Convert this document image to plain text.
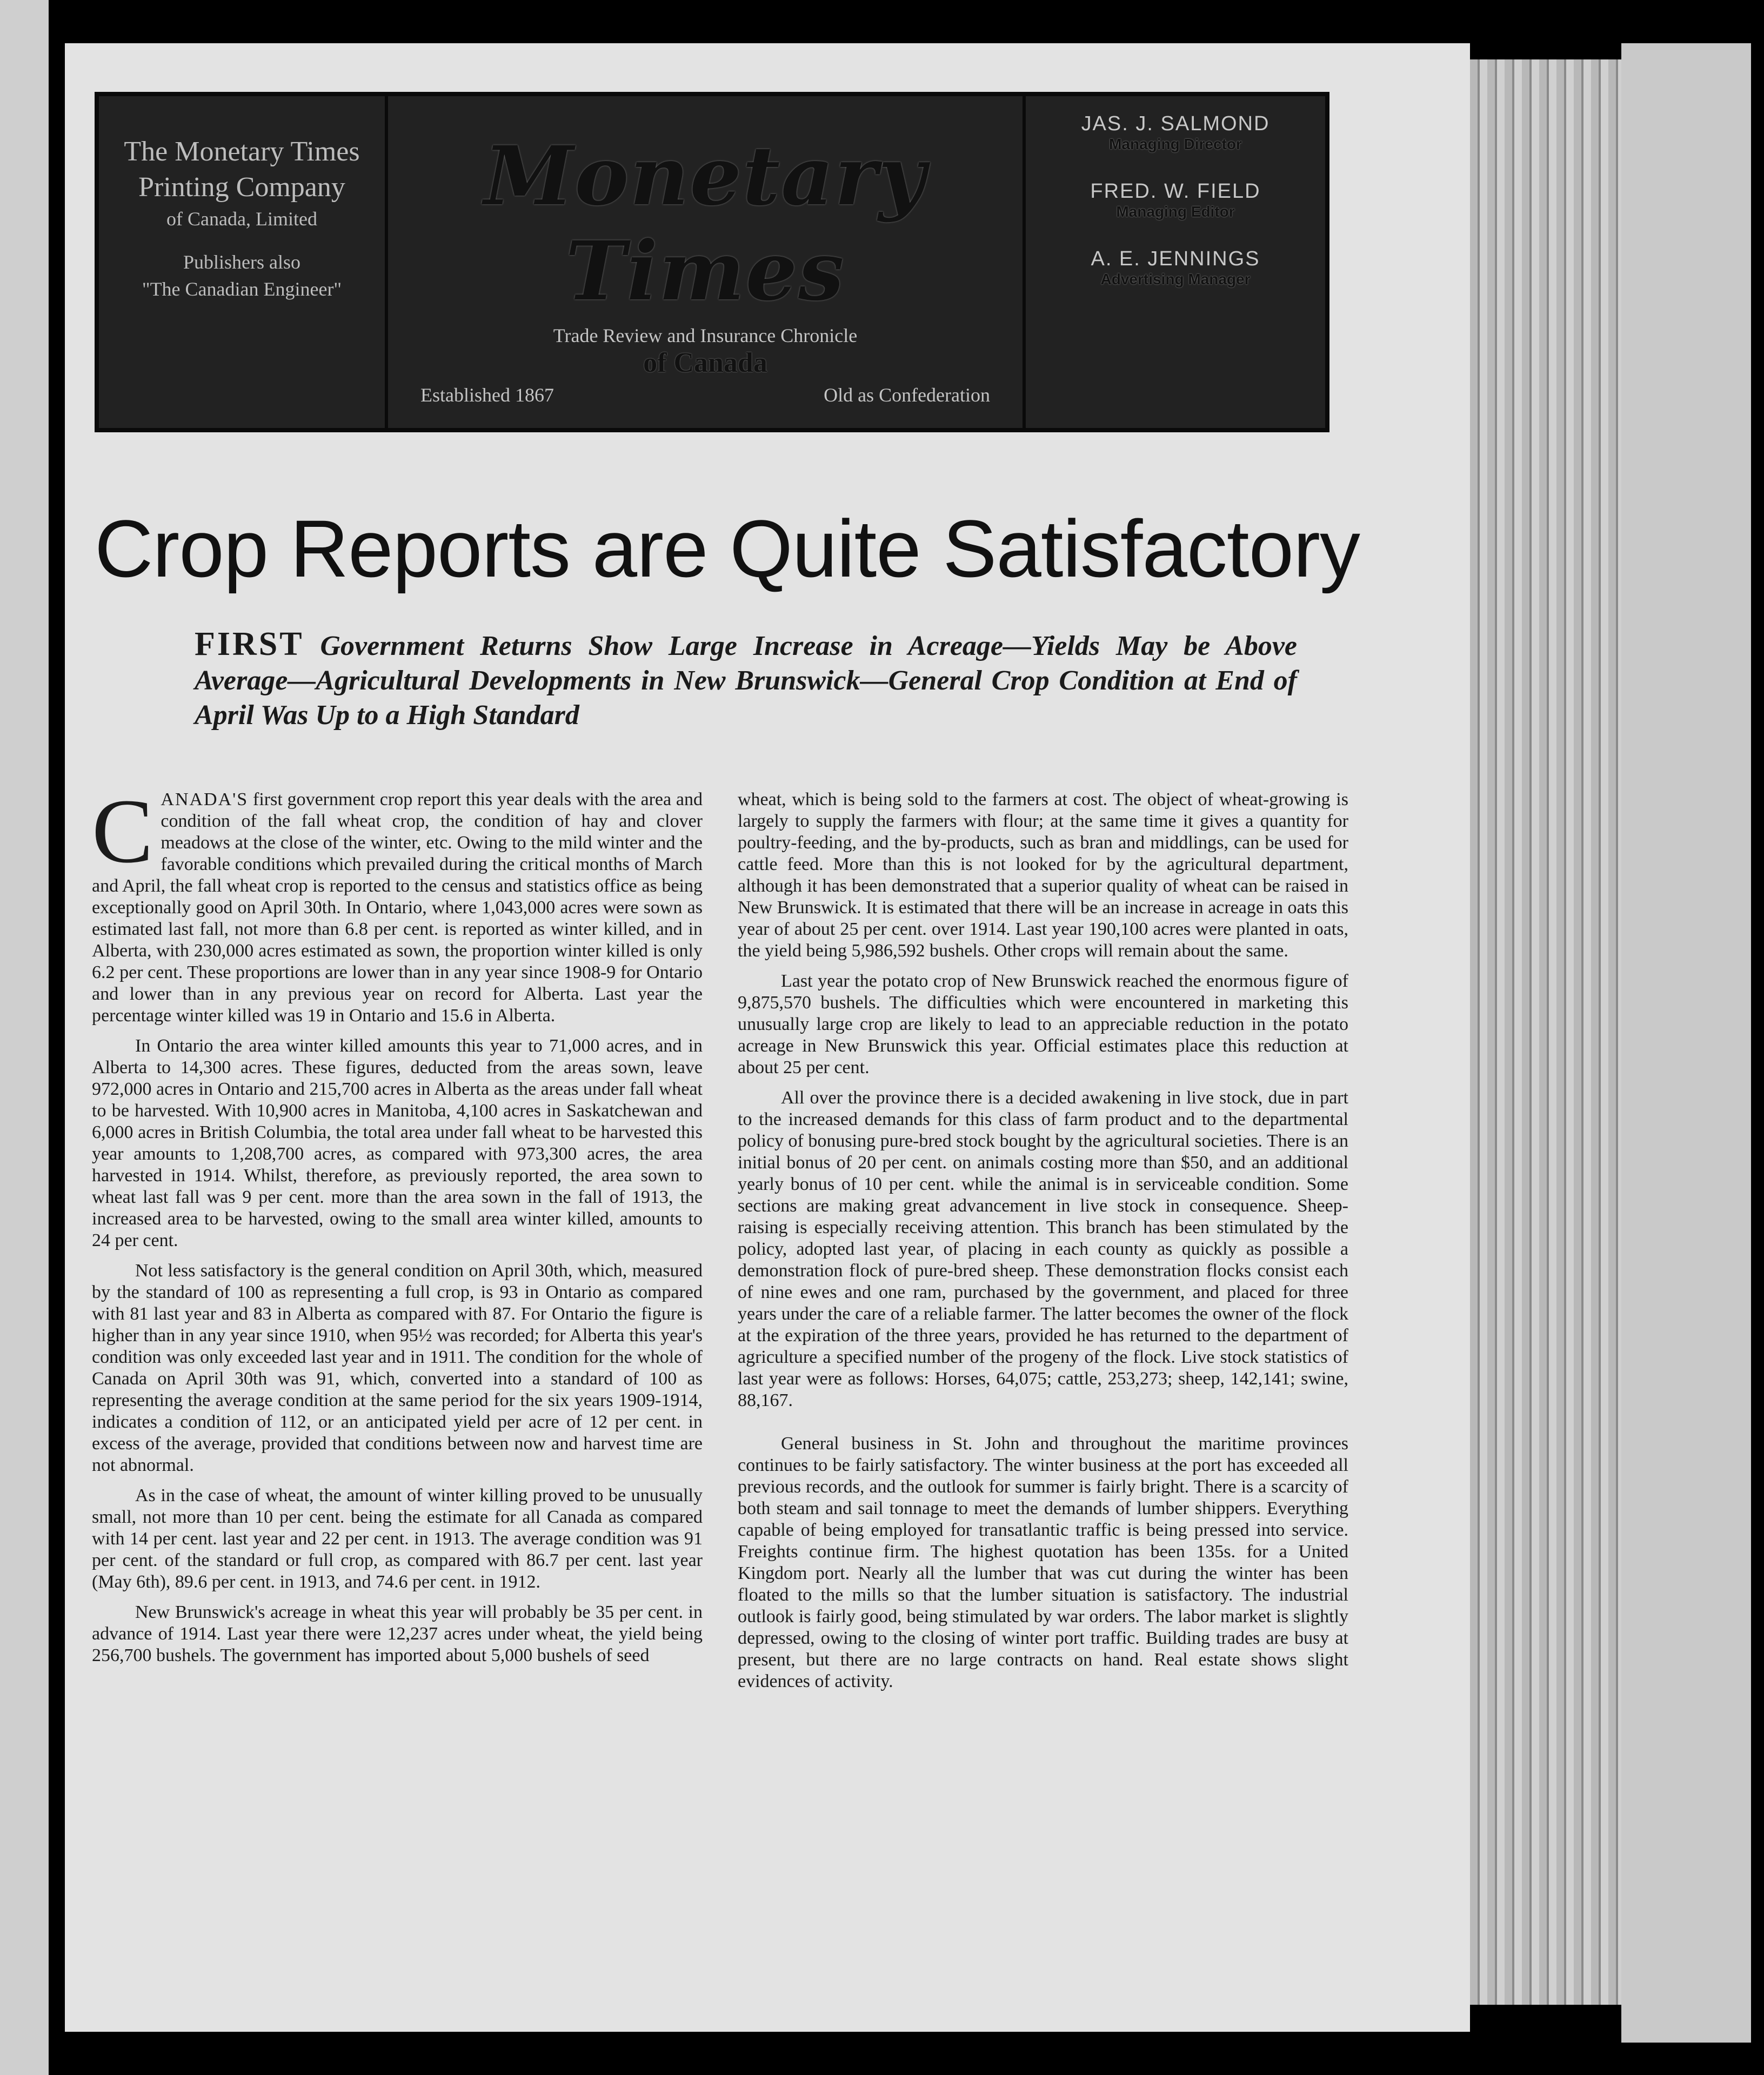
The Monetary Times
Printing Company
of Canada, Limited
Publishers also
"The Canadian Engineer"
Monetary Times
Trade Review and Insurance Chronicle
of Canada
Established 1867	Old as Confederation
JAS. J. SALMOND
Managing Director
FRED. W. FIELD
Managing Editor
A. E. JENNINGS
Advertising Manager
Crop Reports are Quite Satisfactory
FIRST Government Returns Show Large Increase in Acreage—Yields May be Above Average—Agricultural Developments in New Brunswick—General Crop Condition at End of April Was Up to a High Standard

CANADA'S first government crop report this year deals with the area and condition of the fall wheat crop, the condition of hay and clover meadows at the close of the winter, etc. Owing to the mild winter and the favorable conditions which prevailed during the critical months of March and April, the fall wheat crop is reported to the census and statistics office as being exceptionally good on April 30th. In Ontario, where 1,043,000 acres were sown as estimated last fall, not more than 6.8 per cent. is reported as winter killed, and in Alberta, with 230,000 acres estimated as sown, the proportion winter killed is only 6.2 per cent. These proportions are lower than in any year since 1908-9 for Ontario and lower than in any previous year on record for Alberta. Last year the percentage winter killed was 19 in Ontario and 15.6 in Alberta.

In Ontario the area winter killed amounts this year to 71,000 acres, and in Alberta to 14,300 acres. These figures, deducted from the areas sown, leave 972,000 acres in Ontario and 215,700 acres in Alberta as the areas under fall wheat to be harvested. With 10,900 acres in Manitoba, 4,100 acres in Saskatchewan and 6,000 acres in British Columbia, the total area under fall wheat to be harvested this year amounts to 1,208,700 acres, as compared with 973,300 acres, the area harvested in 1914. Whilst, therefore, as previously reported, the area sown to wheat last fall was 9 per cent. more than the area sown in the fall of 1913, the increased area to be harvested, owing to the small area winter killed, amounts to 24 per cent.

Not less satisfactory is the general condition on April 30th, which, measured by the standard of 100 as representing a full crop, is 93 in Ontario as compared with 81 last year and 83 in Alberta as compared with 87. For Ontario the figure is higher than in any year since 1910, when 95½ was recorded; for Alberta this year's condition was only exceeded last year and in 1911. The condition for the whole of Canada on April 30th was 91, which, converted into a standard of 100 as representing the average condition at the same period for the six years 1909-1914, indicates a condition of 112, or an anticipated yield per acre of 12 per cent. in excess of the average, provided that conditions between now and harvest time are not abnormal.

As in the case of wheat, the amount of winter killing proved to be unusually small, not more than 10 per cent. being the estimate for all Canada as compared with 14 per cent. last year and 22 per cent. in 1913. The average condition was 91 per cent. of the standard or full crop, as compared with 86.7 per cent. last year (May 6th), 89.6 per cent. in 1913, and 74.6 per cent. in 1912.

New Brunswick's acreage in wheat this year will probably be 35 per cent. in advance of 1914. Last year there were 12,237 acres under wheat, the yield being 256,700 bushels. The government has imported about 5,000 bushels of seed

wheat, which is being sold to the farmers at cost. The object of wheat-growing is largely to supply the farmers with flour; at the same time it gives a quantity for poultry-feeding, and the by-products, such as bran and middlings, can be used for cattle feed. More than this is not looked for by the agricultural department, although it has been demonstrated that a superior quality of wheat can be raised in New Brunswick. It is estimated that there will be an increase in acreage in oats this year of about 25 per cent. over 1914. Last year 190,100 acres were planted in oats, the yield being 5,986,592 bushels. Other crops will remain about the same.

Last year the potato crop of New Brunswick reached the enormous figure of 9,875,570 bushels. The difficulties which were encountered in marketing this unusually large crop are likely to lead to an appreciable reduction in the potato acreage in New Brunswick this year. Official estimates place this reduction at about 25 per cent.

All over the province there is a decided awakening in live stock, due in part to the increased demands for this class of farm product and to the departmental policy of bonusing pure-bred stock bought by the agricultural societies. There is an initial bonus of 20 per cent. on animals costing more than $50, and an additional yearly bonus of 10 per cent. while the animal is in serviceable condition. Some sections are making great advancement in live stock in consequence. Sheep-raising is especially receiving attention. This branch has been stimulated by the policy, adopted last year, of placing in each county as quickly as possible a demonstration flock of pure-bred sheep. These demonstration flocks consist each of nine ewes and one ram, purchased by the government, and placed for three years under the care of a reliable farmer. The latter becomes the owner of the flock at the expiration of the three years, provided he has returned to the department of agriculture a specified number of the progeny of the flock. Live stock statistics of last year were as follows: Horses, 64,075; cattle, 253,273; sheep, 142,141; swine, 88,167.

General business in St. John and throughout the maritime provinces continues to be fairly satisfactory. The winter business at the port has exceeded all previous records, and the outlook for summer is fairly bright. There is a scarcity of both steam and sail tonnage to meet the demands of lumber shippers. Everything capable of being employed for transatlantic traffic is being pressed into service. Freights continue firm. The highest quotation has been 135s. for a United Kingdom port. Nearly all the lumber that was cut during the winter has been floated to the mills so that the lumber situation is satisfactory. The industrial outlook is fairly good, being stimulated by war orders. The labor market is slightly depressed, owing to the closing of winter port traffic. Building trades are busy at present, but there are no large contracts on hand. Real estate shows slight evidences of activity.
